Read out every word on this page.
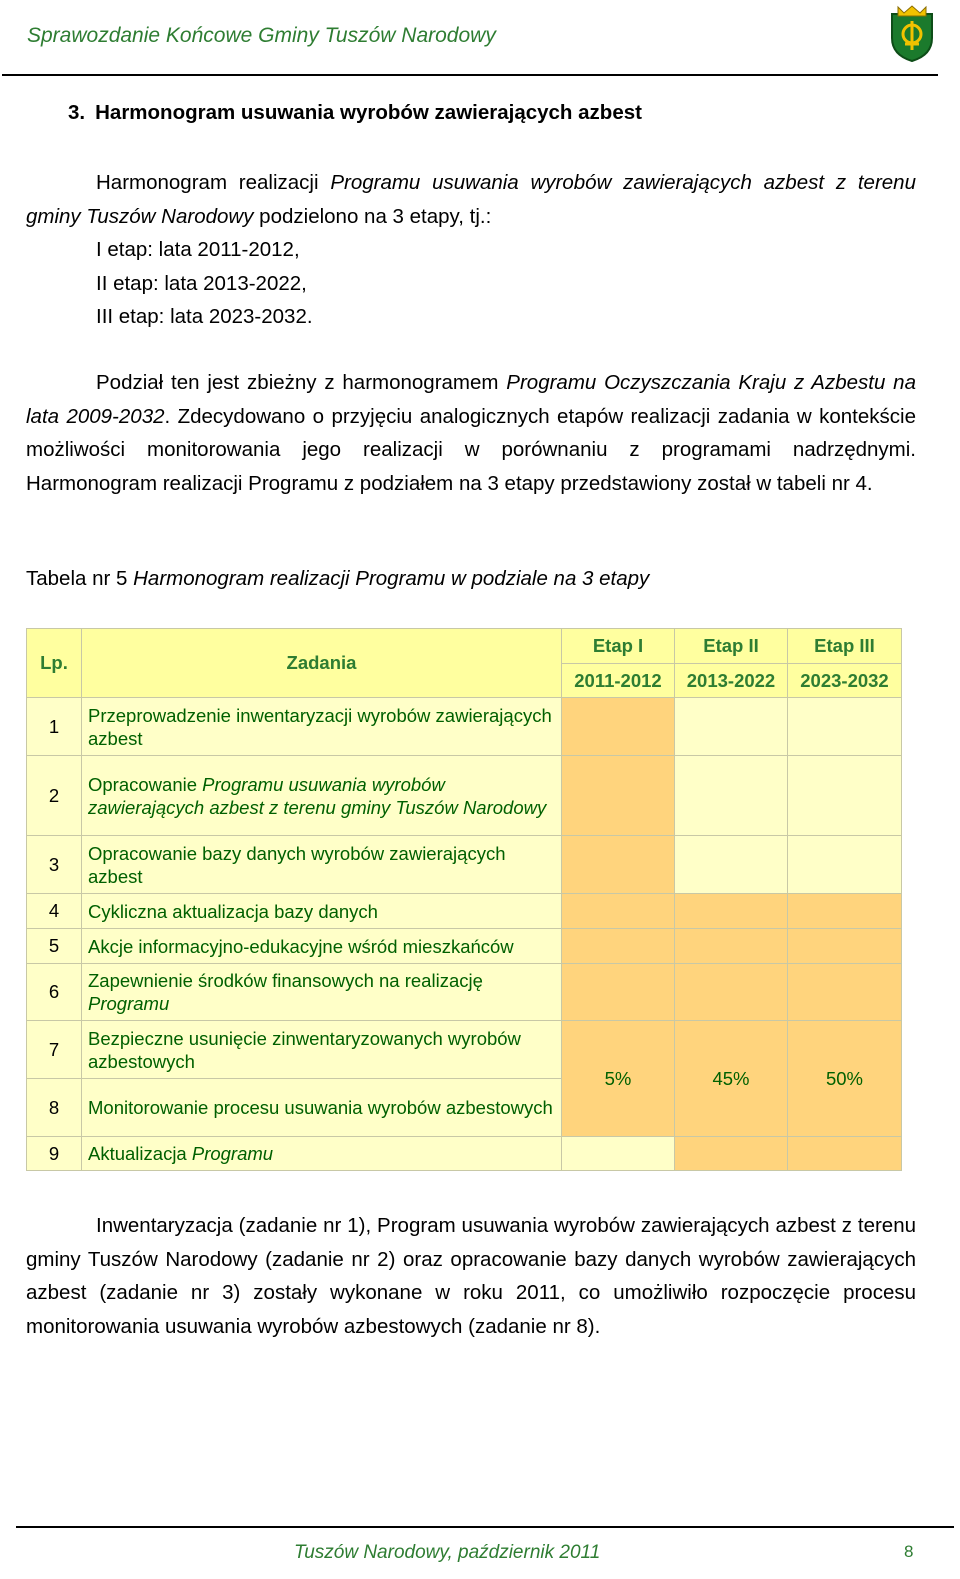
Sprawozdanie Końcowe Gminy Tuszów Narodowy
3. Harmonogram usuwania wyrobów zawierających azbest

Harmonogram realizacji Programu usuwania wyrobów zawierających azbest z terenu gminy Tuszów Narodowy podzielono na 3 etapy, tj.:

I etap: lata 2011-2012,
II etap: lata 2013-2022,
III etap: lata 2023-2032.

Podział ten jest zbieżny z harmonogramem Programu Oczyszczania Kraju z Azbestu na lata 2009-2032. Zdecydowano o przyjęciu analogicznych etapów realizacji zadania w kontekście możliwości monitorowania jego realizacji w porównaniu z programami nadrzędnymi. Harmonogram realizacji Programu z podziałem na 3 etapy przedstawiony został w tabeli nr 4.

Tabela nr 5 Harmonogram realizacji Programu w podziale na 3 etapy
Lp.	Zadania	Etap I	Etap II	Etap III
		2011-2012	2013-2022	2023-2032
1	Przeprowadzenie inwentaryzacji wyrobów zawierających azbest			
2	Opracowanie Programu usuwania wyrobów zawierających azbest z terenu gminy Tuszów Narodowy			
3	Opracowanie bazy danych wyrobów zawierających azbest			
4	Cykliczna aktualizacja bazy danych			
5	Akcje informacyjno-edukacyjne wśród mieszkańców			
6	Zapewnienie środków finansowych na realizację Programu			
7	Bezpieczne usunięcie zinwentaryzowanych wyrobów azbestowych	5%	45%	50%
8	Monitorowanie procesu usuwania wyrobów azbestowych			
9	Aktualizacja Programu			

Inwentaryzacja (zadanie nr 1), Program usuwania wyrobów zawierających azbest z terenu gminy Tuszów Narodowy (zadanie nr 2) oraz opracowanie bazy danych wyrobów zawierających azbest (zadanie nr 3) zostały wykonane w roku 2011, co umożliwiło rozpoczęcie procesu monitorowania usuwania wyrobów azbestowych (zadanie nr 8).

Tuszów Narodowy, październik 2011	8
